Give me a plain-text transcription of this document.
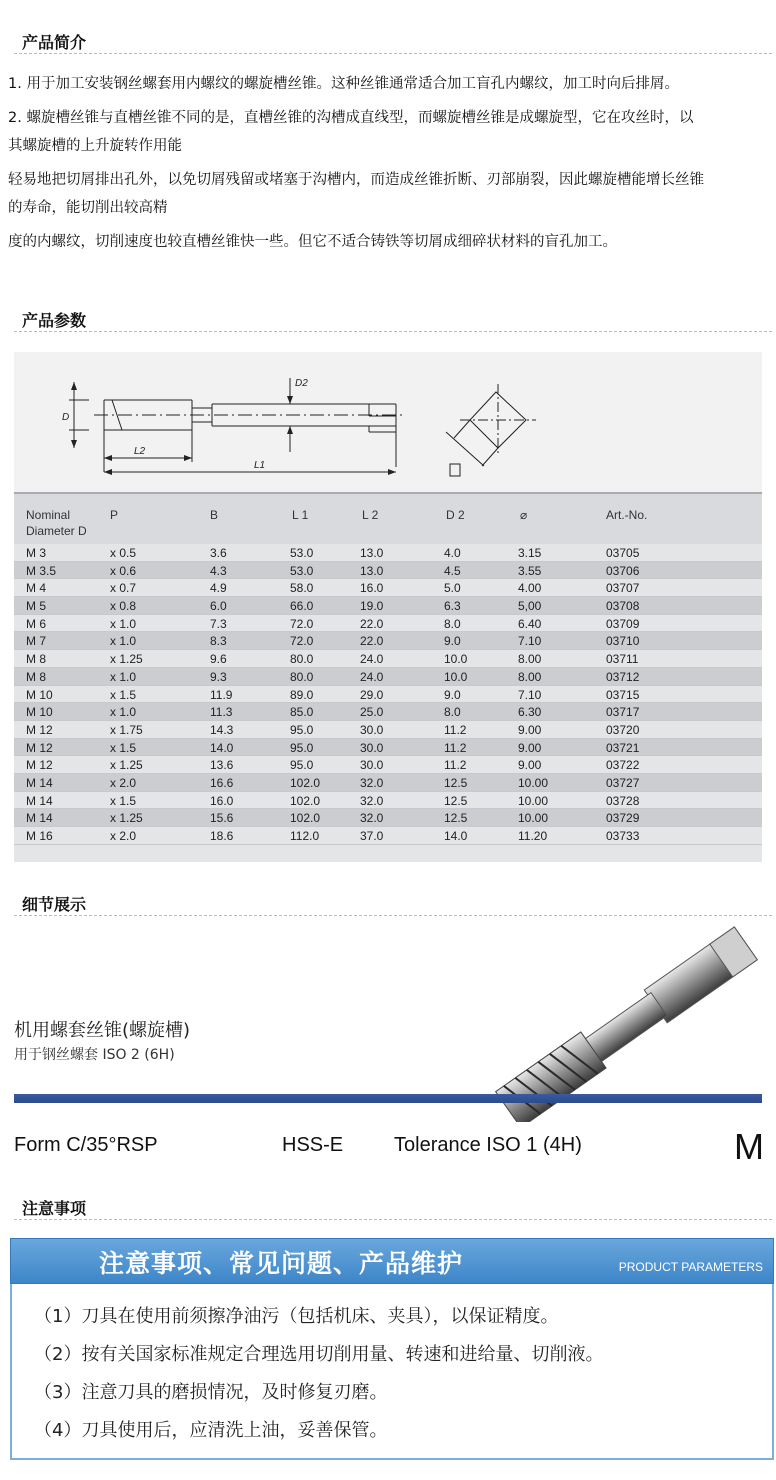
产品简介

1. 用于加工安装钢丝螺套用内螺纹的螺旋槽丝锥。这种丝锥通常适合加工盲孔内螺纹，加工时向后排屑。

2. 螺旋槽丝锥与直槽丝锥不同的是，直槽丝锥的沟槽成直线型，而螺旋槽丝锥是成螺旋型，它在攻丝时，以

其螺旋槽的上升旋转作用能

轻易地把切屑排出孔外，以免切屑残留或堵塞于沟槽内，而造成丝锥折断、刃部崩裂，因此螺旋槽能增长丝锥

的寿命，能切削出较高精

度的内螺纹，切削速度也较直槽丝锥快一些。但它不适合铸铁等切屑成细碎状材料的盲孔加工。

产品参数
D
D2
L2
L1
Nominal
Diameter D
P	B	L 1	L 2	D 2	⌀	Art.-No.
M 3	x 0.5	3.6	53.0	13.0	4.0	3.15	03705
M 3.5	x 0.6	4.3	53.0	13.0	4.5	3.55	03706
M 4	x 0.7	4.9	58.0	16.0	5.0	4.00	03707
M 5	x 0.8	6.0	66.0	19.0	6.3	5,00	03708
M 6	x 1.0	7.3	72.0	22.0	8.0	6.40	03709
M 7	x 1.0	8.3	72.0	22.0	9.0	7.10	03710
M 8	x 1.25	9.6	80.0	24.0	10.0	8.00	03711
M 8	x 1.0	9.3	80.0	24.0	10.0	8.00	03712
M 10	x 1.5	11.9	89.0	29.0	9.0	7.10	03715
M 10	x 1.0	11.3	85.0	25.0	8.0	6.30	03717
M 12	x 1.75	14.3	95.0	30.0	11.2	9.00	03720
M 12	x 1.5	14.0	95.0	30.0	11.2	9.00	03721
M 12	x 1.25	13.6	95.0	30.0	11.2	9.00	03722
M 14	x 2.0	16.6	102.0	32.0	12.5	10.00	03727
M 14	x 1.5	16.0	102.0	32.0	12.5	10.00	03728
M 14	x 1.25	15.6	102.0	32.0	12.5	10.00	03729
M 16	x 2.0	18.6	112.0	37.0	14.0	11.20	03733
细节展示
机用螺套丝锥(螺旋槽)
用于钢丝螺套 ISO 2 (6H)
Form C/35°RSP	HSS-E	Tolerance ISO 1 (4H)	M
注意事项
注意事项、常见问题、产品维护	PRODUCT PARAMETERS
（1）刀具在使用前须擦净油污（包括机床、夹具），以保证精度。
（2）按有关国家标准规定合理选用切削用量、转速和进给量、切削液。
（3）注意刀具的磨损情况，及时修复刃磨。
（4）刀具使用后，应清洗上油，妥善保管。
